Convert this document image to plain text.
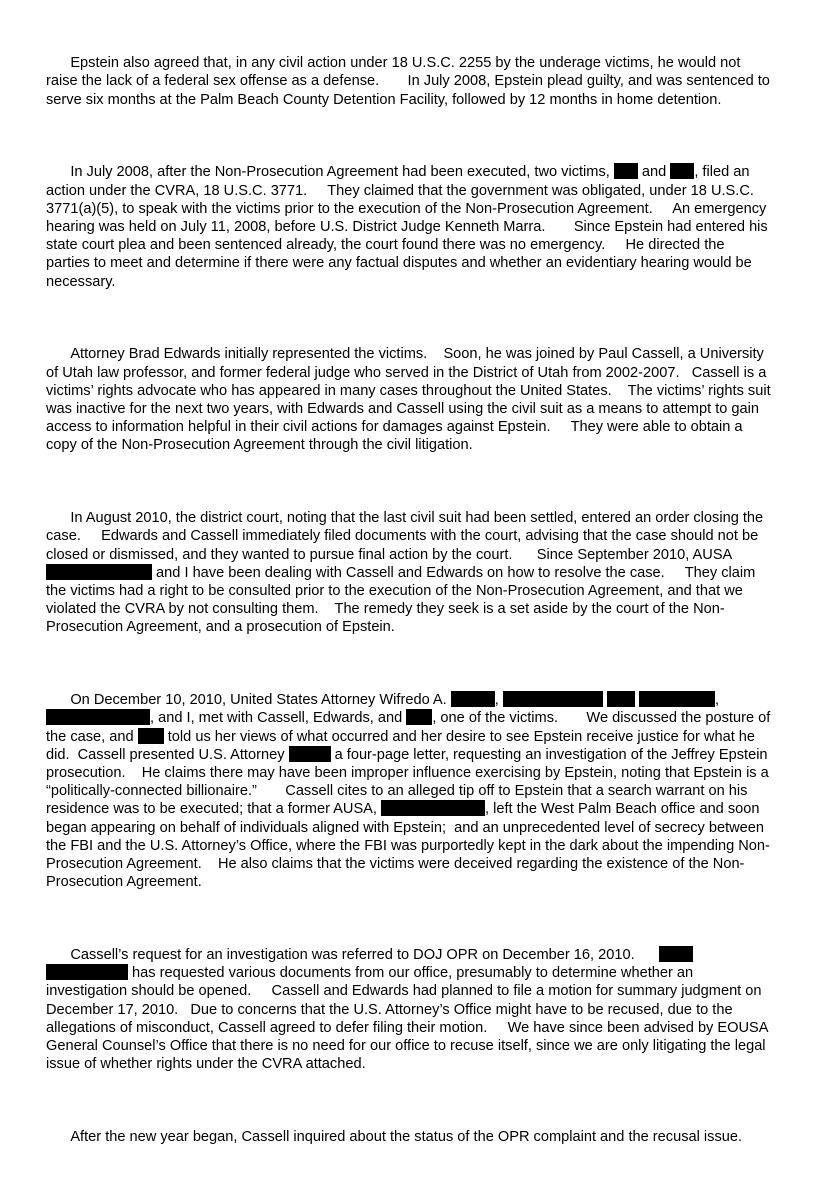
Epstein also agreed that, in any civil action under 18 U.S.C. 2255 by the underage victims, he would not raise the lack of a federal sex offense as a defense.       In July 2008, Epstein plead guilty, and was sentenced to serve six months at the Palm Beach County Detention Facility, followed by 12 months in home detention.

In July 2008, after the Non-Prosecution Agreement had been executed, two victims,  and , filed an action under the CVRA, 18 U.S.C. 3771.     They claimed that the government was obligated, under 18 U.S.C. 3771(a)(5), to speak with the victims prior to the execution of the Non-Prosecution Agreement.     An emergency hearing was held on July 11, 2008, before U.S. District Judge Kenneth Marra.       Since Epstein had entered his state court plea and been sentenced already, the court found there was no emergency.     He directed the parties to meet and determine if there were any factual disputes and whether an evidentiary hearing would be necessary.

Attorney Brad Edwards initially represented the victims.    Soon, he was joined by Paul Cassell, a University of Utah law professor, and former federal judge who served in the District of Utah from 2002-2007.   Cassell is a victims’ rights advocate who has appeared in many cases throughout the United States.    The victims’ rights suit was inactive for the next two years, with Edwards and Cassell using the civil suit as a means to attempt to gain access to information helpful in their civil actions for damages against Epstein.     They were able to obtain a copy of the Non-Prosecution Agreement through the civil litigation.

In August 2010, the district court, noting that the last civil suit had been settled, entered an order closing the case.     Edwards and Cassell immediately filed documents with the court, advising that the case should not be closed or dismissed, and they wanted to pursue final action by the court.      Since September 2010, AUSA  and I have been dealing with Cassell and Edwards on how to resolve the case.     They claim the victims had a right to be consulted prior to the execution of the Non-Prosecution Agreement, and that we violated the CVRA by not consulting them.    The remedy they seek is a set aside by the court of the Non-Prosecution Agreement, and a prosecution of Epstein.

On December 10, 2010, United States Attorney Wifredo A.	,	, , and I, met with Cassell, Edwards, and , one of the victims.       We discussed the posture of the case, and  told us her views of what occurred and her desire to see Epstein receive justice for what he did.  Cassell presented U.S. Attorney	a four-page letter, requesting an investigation of the Jeffrey Epstein prosecution.    He claims there may have been improper influence exercising by Epstein, noting that Epstein is a “politically-connected billionaire.”       Cassell cites to an alleged tip off to Epstein that a search warrant on his residence was to be executed; that a former AUSA,	, left the West Palm Beach office and soon began appearing on behalf of individuals aligned with Epstein;  and an unprecedented level of secrecy between the FBI and the U.S. Attorney’s Office, where the FBI was purportedly kept in the dark about the impending Non-Prosecution Agreement.    He also claims that the victims were deceived regarding the existence of the Non-Prosecution Agreement.

Cassell’s request for an investigation was referred to DOJ OPR on December 16, 2010.        has requested various documents from our office, presumably to determine whether an investigation should be opened.     Cassell and Edwards had planned to file a motion for summary judgment on December 17, 2010.   Due to concerns that the U.S. Attorney’s Office might have to be recused, due to the allegations of misconduct, Cassell agreed to defer filing their motion.     We have since been advised by EOUSA General Counsel’s Office that there is no need for our office to recuse itself, since we are only litigating the legal issue of whether rights under the CVRA attached.

After the new year began, Cassell inquired about the status of the OPR complaint and the recusal issue.
